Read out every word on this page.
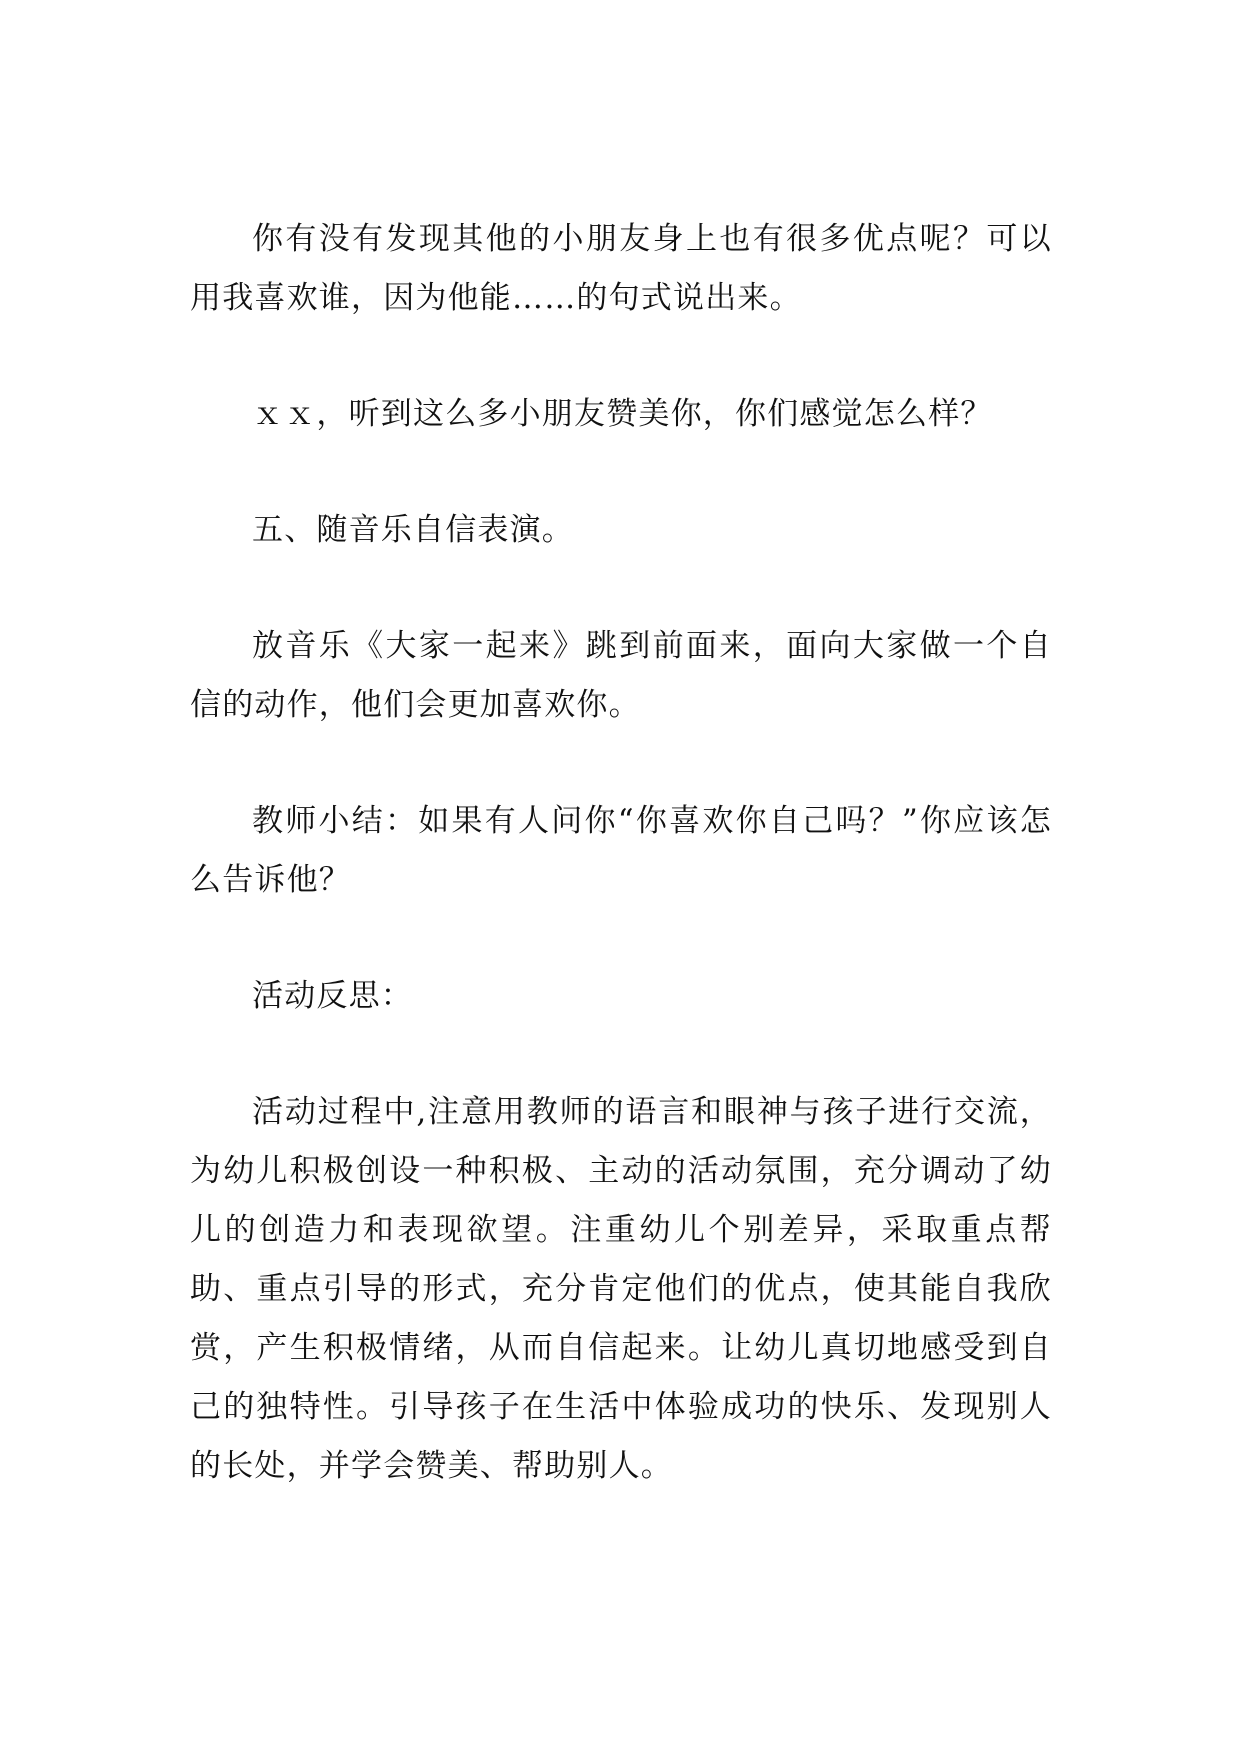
你有没有发现其他的小朋友身上也有很多优点呢？可以用我喜欢谁，因为他能……的句式说出来。

ｘｘ，听到这么多小朋友赞美你，你们感觉怎么样？

五、随音乐自信表演。

放音乐《大家一起来》跳到前面来，面向大家做一个自信的动作，他们会更加喜欢你。

教师小结：如果有人问你“你喜欢你自己吗？”你应该怎么告诉他？

活动反思：

活动过程中,注意用教师的语言和眼神与孩子进行交流，为幼儿积极创设一种积极、主动的活动氛围，充分调动了幼儿的创造力和表现欲望。注重幼儿个别差异，采取重点帮助、重点引导的形式，充分肯定他们的优点，使其能自我欣赏，产生积极情绪，从而自信起来。让幼儿真切地感受到自己的独特性。引导孩子在生活中体验成功的快乐、发现别人的长处，并学会赞美、帮助别人。
